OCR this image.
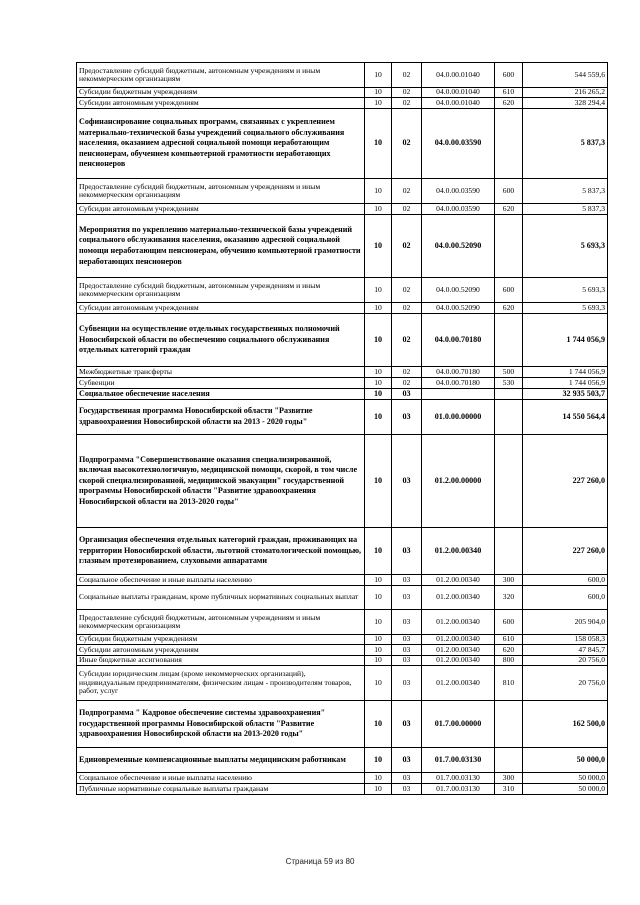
Предоставление субсидий бюджетным, автономным учреждениям и иным некоммерческим организациям	10	02	04.0.00.01040	600	544 559,6
Субсидии бюджетным учреждениям	10	02	04.0.00.01040	610	216 265,2
Субсидии автономным учреждениям	10	02	04.0.00.01040	620	328 294,4
Софинансирование социальных программ, связанных с укреплением материально-технической базы учреждений социального обслуживания населения, оказанием адресной социальной помощи неработающим пенсионерам, обучением компьютерной грамотности неработающих пенсионеров	10	02	04.0.00.03590		5 837,3
Предоставление субсидий бюджетным, автономным учреждениям и иным некоммерческим организациям	10	02	04.0.00.03590	600	5 837,3
Субсидии автономным учреждениям	10	02	04.0.00.03590	620	5 837,3
Мероприятия по укреплению материально-технической базы учреждений социального обслуживания населения, оказанию адресной социальной помощи неработающим пенсионерам, обучению компьютерной грамотности неработающих пенсионеров	10	02	04.0.00.52090		5 693,3
Предоставление субсидий бюджетным, автономным учреждениям и иным некоммерческим организациям	10	02	04.0.00.52090	600	5 693,3
Субсидии автономным учреждениям	10	02	04.0.00.52090	620	5 693,3
Субвенции на осуществление отдельных государственных полномочий Новосибирской области по обеспечению социального обслуживания отдельных категорий граждан	10	02	04.0.00.70180		1 744 056,9
Межбюджетные трансферты	10	02	04.0.00.70180	500	1 744 056,9
Субвенции	10	02	04.0.00.70180	530	1 744 056,9
Социальное обеспечение населения	10	03			32 935 503,7
Государственная программа Новосибирской области "Развитие здравоохранения Новосибирской области на 2013 - 2020 годы"	10	03	01.0.00.00000		14 550 564,4
Подпрограмма "Совершенствование оказания специализированной, включая высокотехнологичную, медицинской помощи, скорой, в том числе скорой специализированной, медицинской эвакуации" государственной программы Новосибирской области "Развитие здравоохранения Новосибирской области на 2013-2020 годы"	10	03	01.2.00.00000		227 260,0
Организация обеспечения отдельных категорий граждан, проживающих на территории Новосибирской области, льготной стоматологической помощью, глазным протезированием, слуховыми аппаратами	10	03	01.2.00.00340		227 260,0
Социальное обеспечение и иные выплаты населению	10	03	01.2.00.00340	300	600,0
Социальные выплаты гражданам, кроме публичных нормативных социальных выплат	10	03	01.2.00.00340	320	600,0
Предоставление субсидий бюджетным, автономным учреждениям и иным некоммерческим организациям	10	03	01.2.00.00340	600	205 904,0
Субсидии бюджетным учреждениям	10	03	01.2.00.00340	610	158 058,3
Субсидии автономным учреждениям	10	03	01.2.00.00340	620	47 845,7
Иные бюджетные ассигнования	10	03	01.2.00.00340	800	20 756,0
Субсидии юридическим лицам (кроме некоммерческих организаций), индивидуальным предпринимателям, физическим лицам - производителям товаров, работ, услуг	10	03	01.2.00.00340	810	20 756,0
Подпрограмма " Кадровое обеспечение системы здравоохранения" государственной программы Новосибирской области "Развитие здравоохранения Новосибирской области на 2013-2020 годы"	10	03	01.7.00.00000		162 500,0
Единовременные компенсационные выплаты медицинским работникам	10	03	01.7.00.03130		50 000,0
Социальное обеспечение и иные выплаты населению	10	03	01.7.00.03130	300	50 000,0
Публичные нормативные социальные выплаты гражданам	10	03	01.7.00.03130	310	50 000,0
Страница 59 из 80
